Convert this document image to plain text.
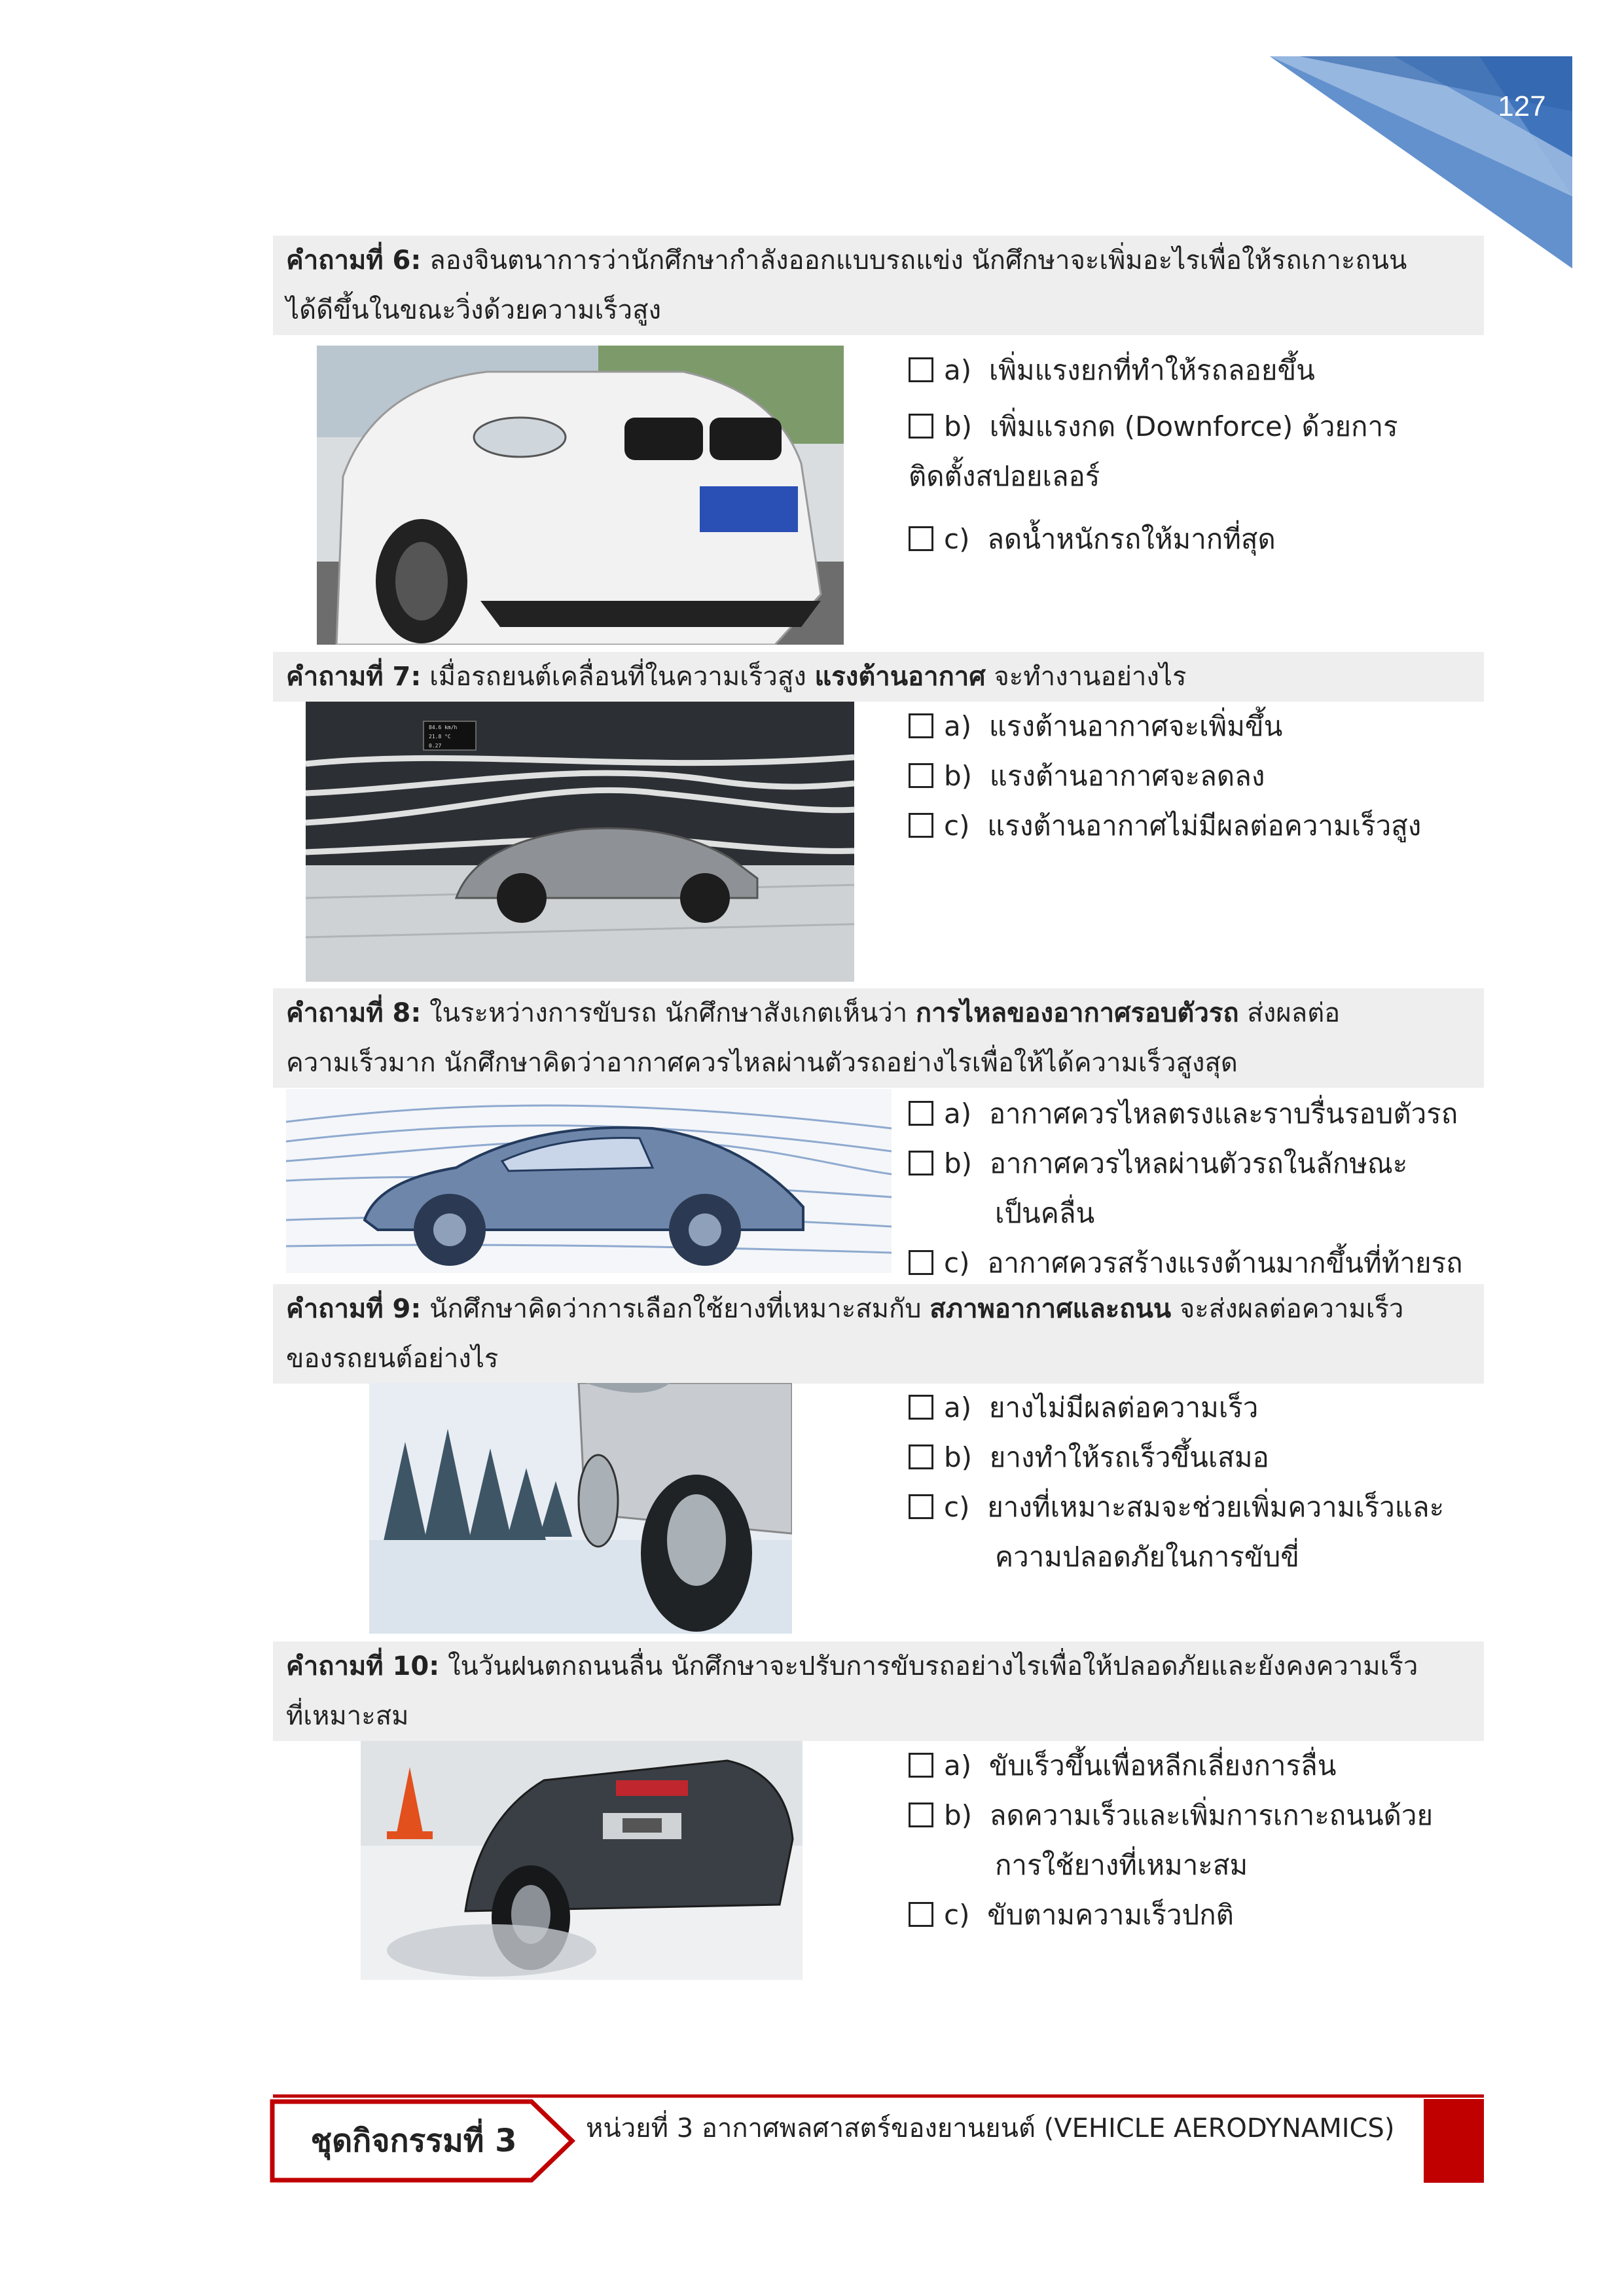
127
คำถามที่ 6: ลองจินตนาการว่านักศึกษากำลังออกแบบรถแข่ง นักศึกษาจะเพิ่มอะไรเพื่อให้รถเกาะถนน
ได้ดีขึ้นในขณะวิ่งด้วยความเร็วสูง
a) เพิ่มแรงยกที่ทำให้รถลอยขึ้น
b) เพิ่มแรงกด (Downforce) ด้วยการ
ติดตั้งสปอยเลอร์
c) ลดน้ำหนักรถให้มากที่สุด
คำถามที่ 7: เมื่อรถยนต์เคลื่อนที่ในความเร็วสูง แรงต้านอากาศ จะทำงานอย่างไร
84.6 km/h
21.8 °C
0.27
a) แรงต้านอากาศจะเพิ่มขึ้น
b) แรงต้านอากาศจะลดลง
c) แรงต้านอากาศไม่มีผลต่อความเร็วสูง
คำถามที่ 8: ในระหว่างการขับรถ นักศึกษาสังเกตเห็นว่า การไหลของอากาศรอบตัวรถ ส่งผลต่อ
ความเร็วมาก นักศึกษาคิดว่าอากาศควรไหลผ่านตัวรถอย่างไรเพื่อให้ได้ความเร็วสูงสุด
a) อากาศควรไหลตรงและราบรื่นรอบตัวรถ
b) อากาศควรไหลผ่านตัวรถในลักษณะ
เป็นคลื่น
c) อากาศควรสร้างแรงต้านมากขึ้นที่ท้ายรถ
คำถามที่ 9: นักศึกษาคิดว่าการเลือกใช้ยางที่เหมาะสมกับ สภาพอากาศและถนน จะส่งผลต่อความเร็ว
ของรถยนต์อย่างไร
a) ยางไม่มีผลต่อความเร็ว
b) ยางทำให้รถเร็วขึ้นเสมอ
c) ยางที่เหมาะสมจะช่วยเพิ่มความเร็วและ
ความปลอดภัยในการขับขี่
คำถามที่ 10: ในวันฝนตกถนนลื่น นักศึกษาจะปรับการขับรถอย่างไรเพื่อให้ปลอดภัยและยังคงความเร็ว
ที่เหมาะสม
a) ขับเร็วขึ้นเพื่อหลีกเลี่ยงการลื่น
b) ลดความเร็วและเพิ่มการเกาะถนนด้วย
การใช้ยางที่เหมาะสม
c) ขับตามความเร็วปกติ
ชุดกิจกรรมที่ 3	หน่วยที่ 3 อากาศพลศาสตร์ของยานยนต์ (VEHICLE AERODYNAMICS)
